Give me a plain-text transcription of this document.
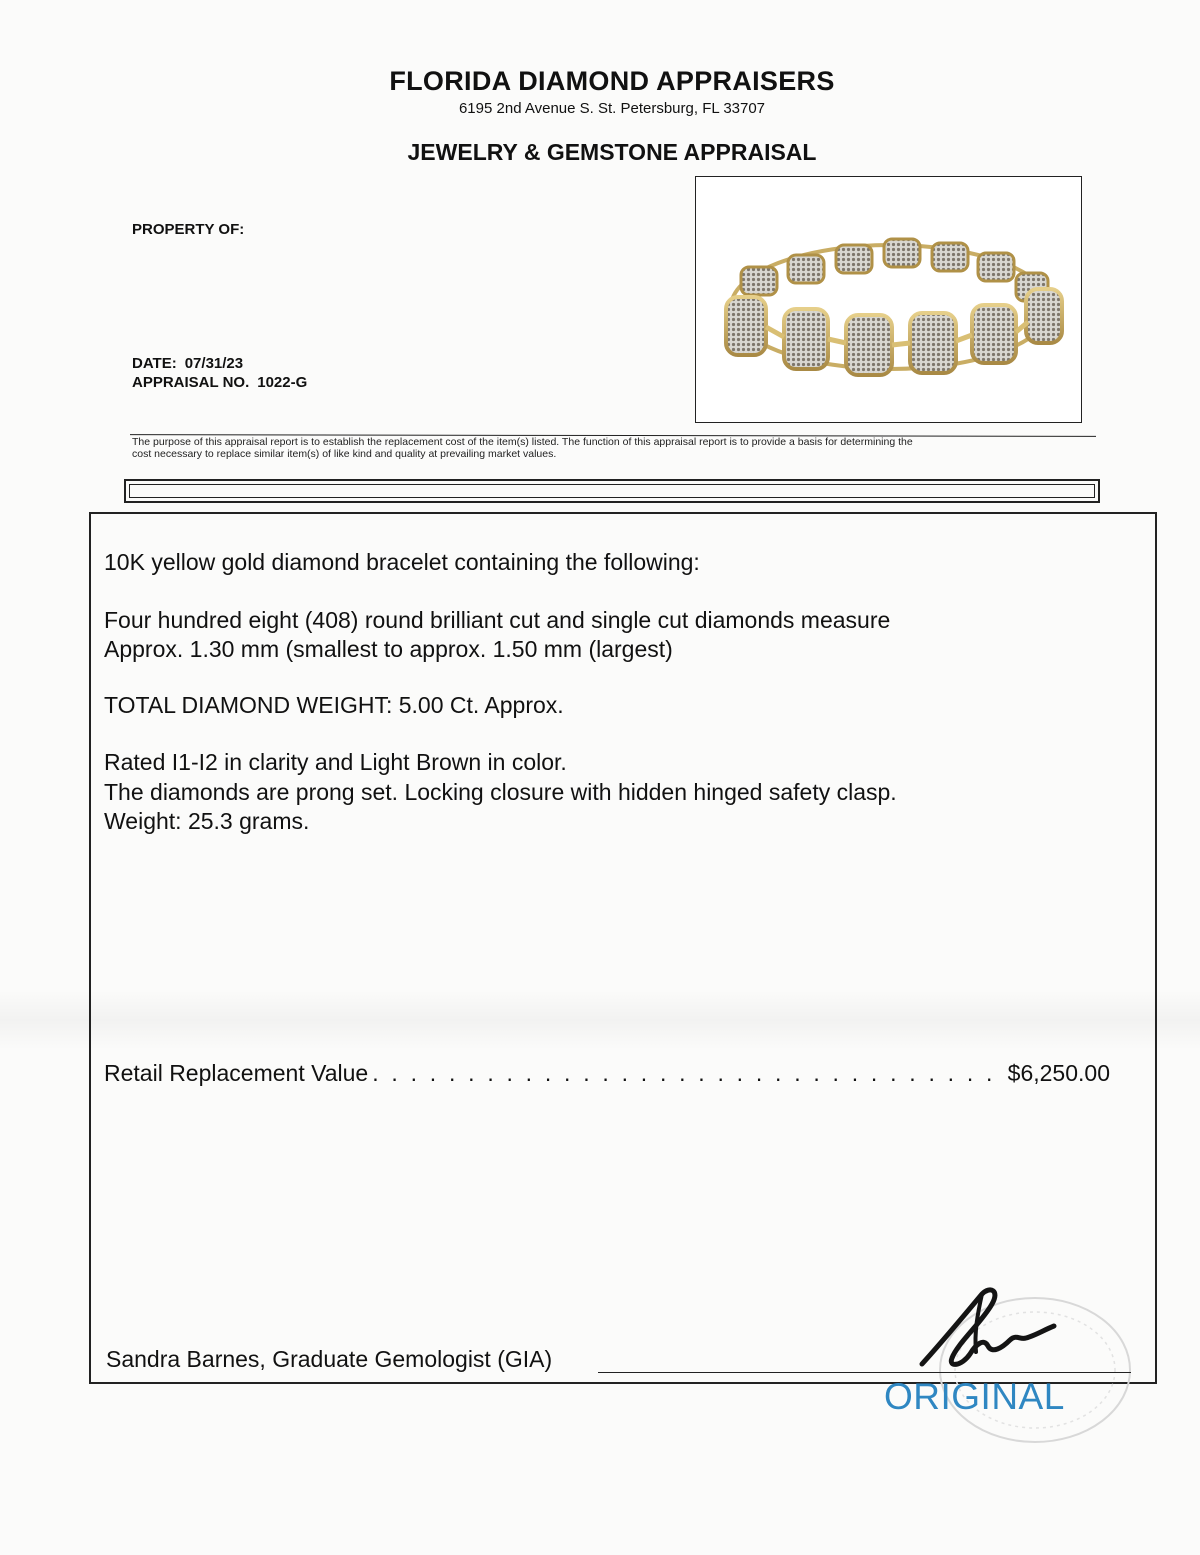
FLORIDA DIAMOND APPRAISERS
6195 2nd Avenue S. St. Petersburg, FL 33707
JEWELRY & GEMSTONE APPRAISAL
PROPERTY OF:
DATE: 07/31/23
APPRAISAL NO. 1022-G
The purpose of this appraisal report is to establish the replacement cost of the item(s) listed. The function of this appraisal report is to provide a basis for determining the
cost necessary to replace similar item(s) of like kind and quality at prevailing market values.
10K yellow gold diamond bracelet containing the following:
Four hundred eight (408) round brilliant cut and single cut diamonds measure
Approx. 1.30 mm (smallest to approx. 1.50 mm (largest)
TOTAL DIAMOND WEIGHT: 5.00 Ct. Approx.
Rated I1-I2 in clarity and Light Brown in color.
The diamonds are prong set. Locking closure with hidden hinged safety clasp.
Weight: 25.3 grams.
Retail Replacement Value
. . .	$6,250.00
Sandra Barnes, Graduate Gemologist (GIA)
ORIGINAL
